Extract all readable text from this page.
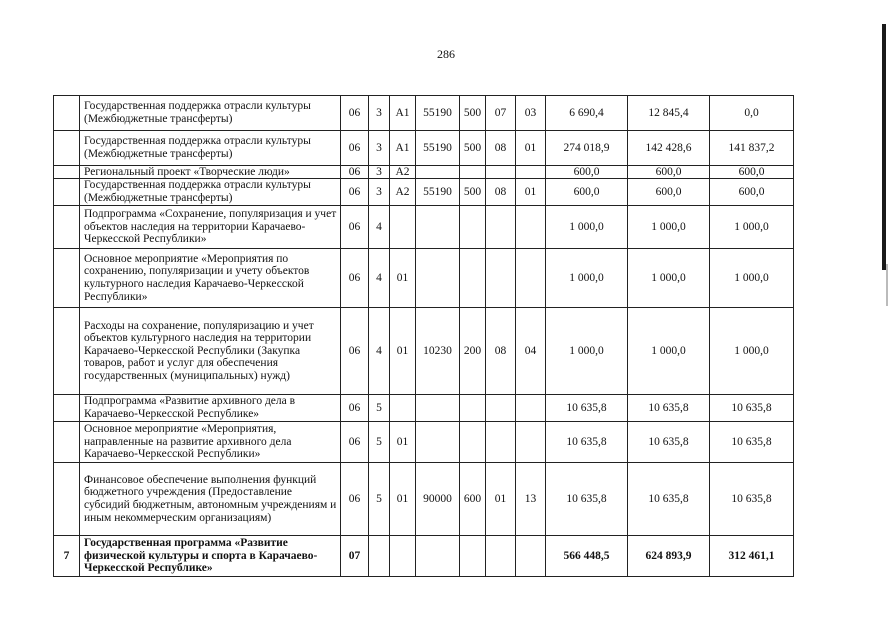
286
	Государственная поддержка отрасли культуры (Межбюджетные трансферты)	06	3	A1	55190	500	07	03	6 690,4	12 845,4	0,0
	Государственная поддержка отрасли культуры (Межбюджетные трансферты)	06	3	A1	55190	500	08	01	274 018,9	142 428,6	141 837,2
	Региональный проект «Творческие люди»	06	3	A2					600,0	600,0	600,0
	Государственная поддержка отрасли культуры (Межбюджетные трансферты)	06	3	A2	55190	500	08	01	600,0	600,0	600,0
	Подпрограмма «Сохранение, популяризация и учет объектов наследия на территории Карачаево-Черкесской Республики»	06	4						1 000,0	1 000,0	1 000,0
	Основное мероприятие «Мероприятия по сохранению, популяризации и учету объектов культурного наследия Карачаево-Черкесской Республики»	06	4	01					1 000,0	1 000,0	1 000,0
	Расходы на сохранение, популяризацию и учет объектов культурного наследия на территории Карачаево-Черкесской Республики (Закупка товаров, работ и услуг для обеспечения государственных (муниципальных) нужд)	06	4	01	10230	200	08	04	1 000,0	1 000,0	1 000,0
	Подпрограмма «Развитие архивного дела в Карачаево-Черкесской Республике»	06	5						10 635,8	10 635,8	10 635,8
	Основное мероприятие «Мероприятия, направленные на развитие архивного дела Карачаево-Черкесской Республики»	06	5	01					10 635,8	10 635,8	10 635,8
	Финансовое обеспечение выполнения функций бюджетного учреждения (Предоставление субсидий бюджетным, автономным учреждениям и иным некоммерческим организациям)	06	5	01	90000	600	01	13	10 635,8	10 635,8	10 635,8
7	Государственная программа «Развитие физической культуры и спорта в Карачаево-Черкесской Республике»	07							566 448,5	624 893,9	312 461,1
